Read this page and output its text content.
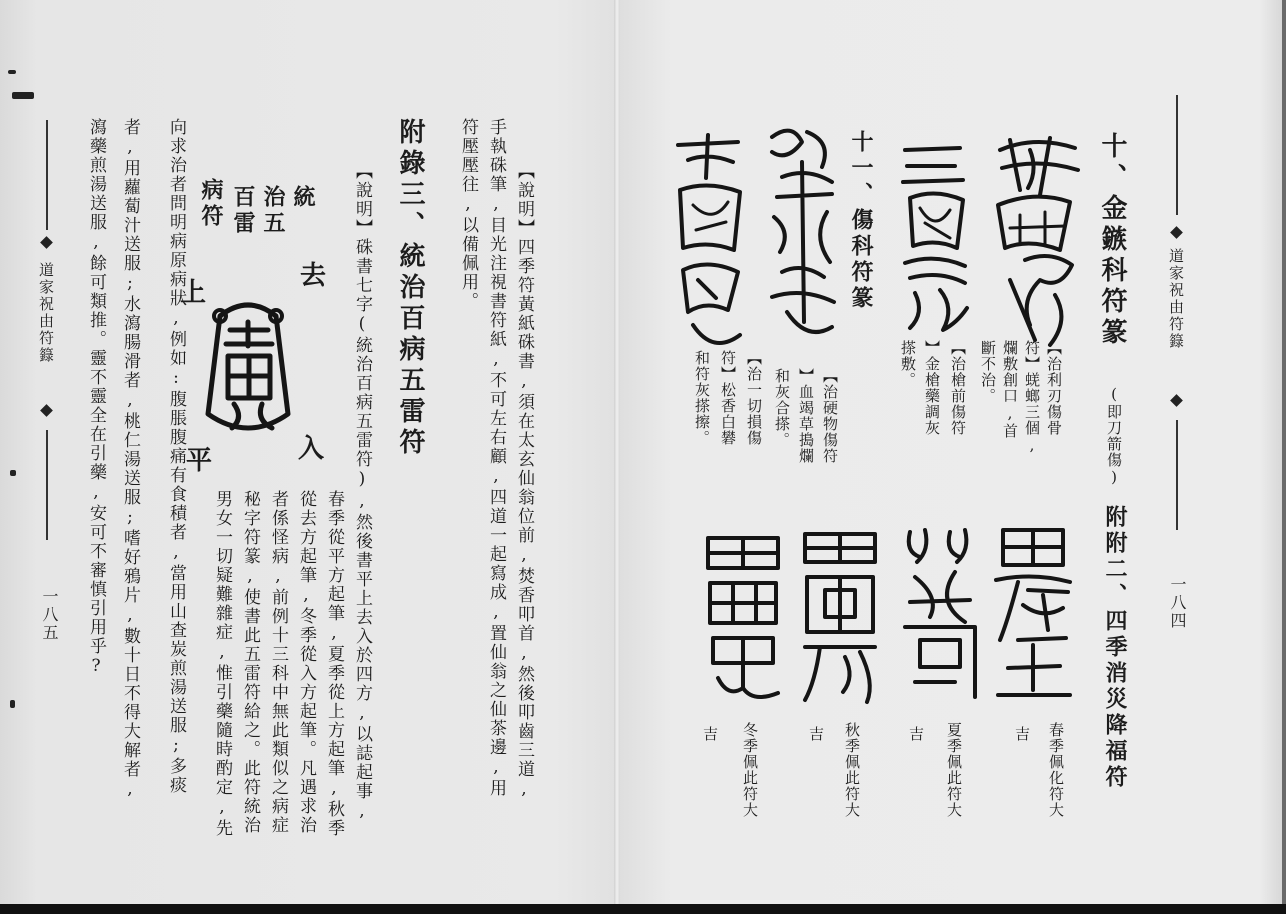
道家祝由符籙
一八四
十、金鏃科符篆
(即刀箭傷)
【治利刃傷骨
符】蜣螂三個,
爛敷創口,首
斷不治。
【治槍前傷符
】金槍藥調灰
搽敷。
十一、傷科符篆
【治硬物傷符
】血竭草搗爛
和灰合搽。
【治一切損傷
符】松香白礬
和符灰搽擦。
附附二、四季消災降福符
春季佩化符大
吉
夏季佩此符大
吉
秋季佩此符大
吉
冬季佩此符大
吉
【說明】四季符黃紙硃書,須在太玄仙翁位前,焚香叩首,然後叩齒三道,
手執硃筆,目光注視書符紙,不可左右顧,四道一起寫成,置仙翁之仙茶邊,用
符壓壓往,以備佩用。
道家祝由符籙
一八五
附錄三、統治百病五雷符
【說明】硃書七字(統治百病五雷符),然後書平上去入於四方,以誌起事,
春季從平方起筆,夏季從上方起筆,秋季
從去方起筆,冬季從入方起筆。凡遇求治
者係怪病,前例十三科中無此類似之病症
秘字符篆,使書此五雷符給之。此符統治
男女一切疑難雜症,惟引藥隨時酌定,先
向求治者問明病原病狀,例如:腹脹腹痛有食積者,當用山查炭煎湯送服;多痰
者,用蘿蔔汁送服;水瀉腸滑者,桃仁湯送服;嗜好鴉片,數十日不得大解者,
瀉藥煎湯送服,餘可類推。靈不靈全在引藥,安可不審慎引用乎?	統
治五
百雷
病符
去
上
入
平
